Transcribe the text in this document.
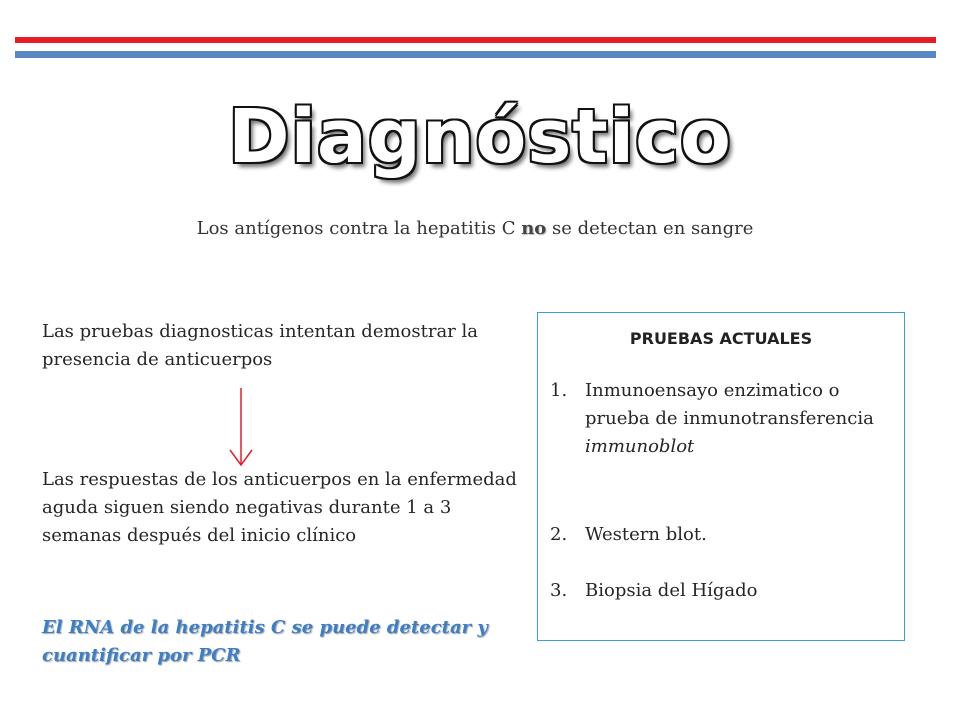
Diagnóstico
Los antígenos contra la hepatitis C no se detectan en sangre
Las pruebas diagnosticas intentan demostrar la presencia de anticuerpos
Las respuestas de los anticuerpos en la enfermedad aguda siguen siendo negativas durante 1 a 3 semanas después del inicio clínico
El RNA de la hepatitis C se puede detectar y cuantificar por PCR
PRUEBAS ACTUALES
1. Inmunoensayo enzimatico o prueba de inmunotransferencia
immunoblot
2. Western blot.
3. Biopsia del Hígado
